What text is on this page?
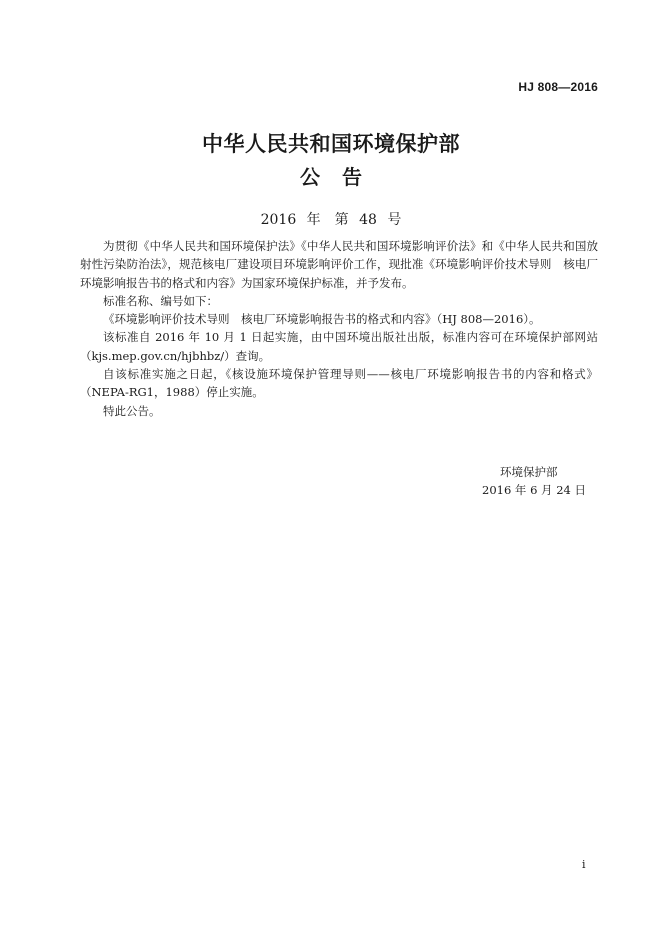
HJ 808—2016
中华人民共和国环境保护部
公告
2016 年　第 48 号

为贯彻《中华人民共和国环境保护法》《中华人民共和国环境影响评价法》和《中华人民共和国放射性污染防治法》，规范核电厂建设项目环境影响评价工作，现批准《环境影响评价技术导则　核电厂环境影响报告书的格式和内容》为国家环境保护标准，并予发布。

标准名称、编号如下：

《环境影响评价技术导则　核电厂环境影响报告书的格式和内容》（HJ 808—2016）。

该标准自 2016 年 10 月 1 日起实施，由中国环境出版社出版，标准内容可在环境保护部网站（kjs.mep.gov.cn/hjbhbz/）查询。

自该标准实施之日起，《核设施环境保护管理导则——核电厂环境影响报告书的内容和格式》（NEPA-RG1，1988）停止实施。

特此公告。

环境保护部
2016 年 6 月 24 日
i
